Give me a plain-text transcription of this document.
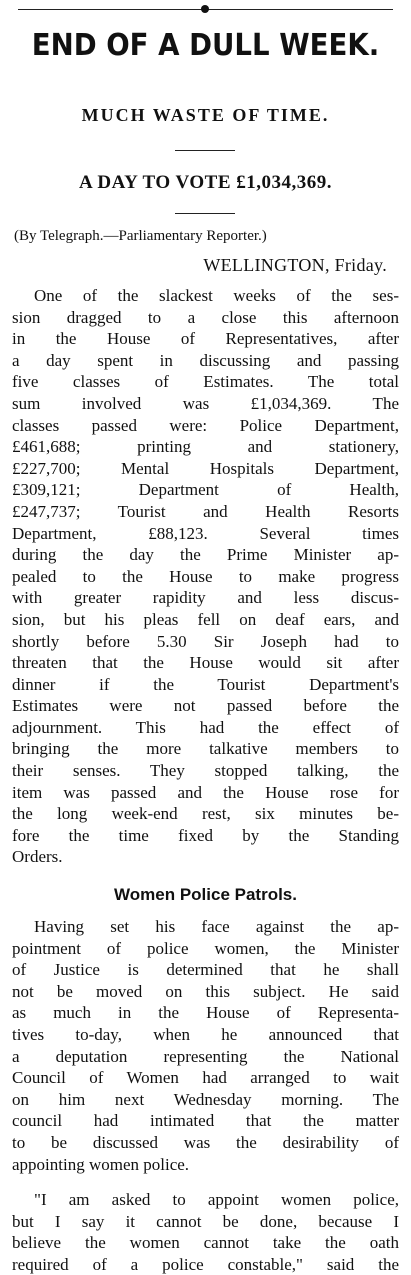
END OF A DULL WEEK.
MUCH WASTE OF TIME.
A DAY TO VOTE £1,034,369.
(By Telegraph.—Parliamentary Reporter.)
WELLINGTON, Friday.
One of the slackest weeks of the ses-
sion dragged to a close this afternoon
in the House of Representatives, after
a day spent in discussing and passing
five classes of Estimates. The total
sum involved was £1,034,369. The
classes passed were: Police Department,
£461,688; printing and stationery,
£227,700; Mental Hospitals Department,
£309,121; Department of Health,
£247,737; Tourist and Health Resorts
Department, £88,123. Several times
during the day the Prime Minister ap-
pealed to the House to make progress
with greater rapidity and less discus-
sion, but his pleas fell on deaf ears, and
shortly before 5.30 Sir Joseph had to
threaten that the House would sit after
dinner if the Tourist Department's
Estimates were not passed before the
adjournment. This had the effect of
bringing the more talkative members to
their senses. They stopped talking, the
item was passed and the House rose for
the long week-end rest, six minutes be-
fore the time fixed by the Standing
Orders.
Women Police Patrols.
Having set his face against the ap-
pointment of police women, the Minister
of Justice is determined that he shall
not be moved on this subject. He said
as much in the House of Representa-
tives to-day, when he announced that
a deputation representing the National
Council of Women had arranged to wait
on him next Wednesday morning. The
council had intimated that the matter
to be discussed was the desirability of
appointing women police.
"I am asked to appoint women police,
but I say it cannot be done, because I
believe the women cannot take the oath
required of a police constable," said the
